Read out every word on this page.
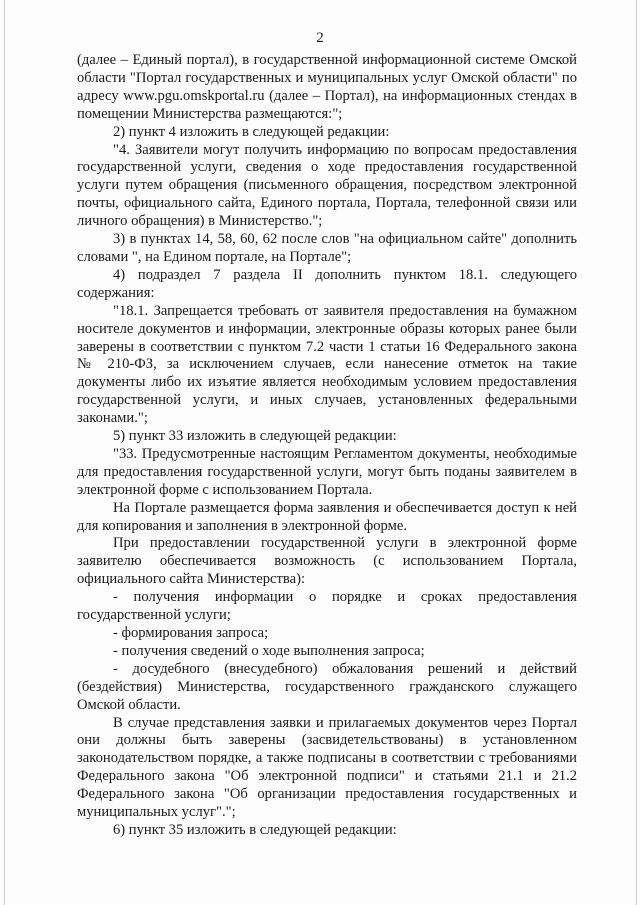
2

(далее – Единый портал), в государственной информационной системе Омской области "Портал государственных и муниципальных услуг Омской области" по адресу www.pgu.omskportal.ru (далее – Портал), на информационных стендах в помещении Министерства размещаются:";

2) пункт 4 изложить в следующей редакции:

"4. Заявители могут получить информацию по вопросам предоставления государственной услуги, сведения о ходе предоставления государственной услуги путем обращения (письменного обращения, посредством электронной почты, официального сайта, Единого портала, Портала, телефонной связи или личного обращения) в Министерство.";

3) в пунктах 14, 58, 60, 62 после слов "на официальном сайте" дополнить словами ", на Едином портале, на Портале";

4) подраздел 7 раздела II дополнить пунктом 18.1. следующего содержания:

"18.1. Запрещается требовать от заявителя предоставления на бумажном носителе документов и информации, электронные образы которых ранее были заверены в соответствии с пунктом 7.2 части 1 статьи 16 Федерального закона № 210-ФЗ, за исключением случаев, если нанесение отметок на такие документы либо их изъятие является необходимым условием предоставления государственной услуги, и иных случаев, установленных федеральными законами.";

5) пункт 33 изложить в следующей редакции:

"33. Предусмотренные настоящим Регламентом документы, необходимые для предоставления государственной услуги, могут быть поданы заявителем в электронной форме с использованием Портала.

На Портале размещается форма заявления и обеспечивается доступ к ней для копирования и заполнения в электронной форме.

При предоставлении государственной услуги в электронной форме заявителю обеспечивается возможность (с использованием Портала, официального сайта Министерства):

- получения информации о порядке и сроках предоставления государственной услуги;

- формирования запроса;

- получения сведений о ходе выполнения запроса;

- досудебного (внесудебного) обжалования решений и действий (бездействия) Министерства, государственного гражданского служащего Омской области.

В случае представления заявки и прилагаемых документов через Портал они должны быть заверены (засвидетельствованы) в установленном законодательством порядке, а также подписаны в соответствии с требованиями Федерального закона "Об электронной подписи" и статьями 21.1 и 21.2 Федерального закона "Об организации предоставления государственных и муниципальных услуг".";

6) пункт 35 изложить в следующей редакции:
